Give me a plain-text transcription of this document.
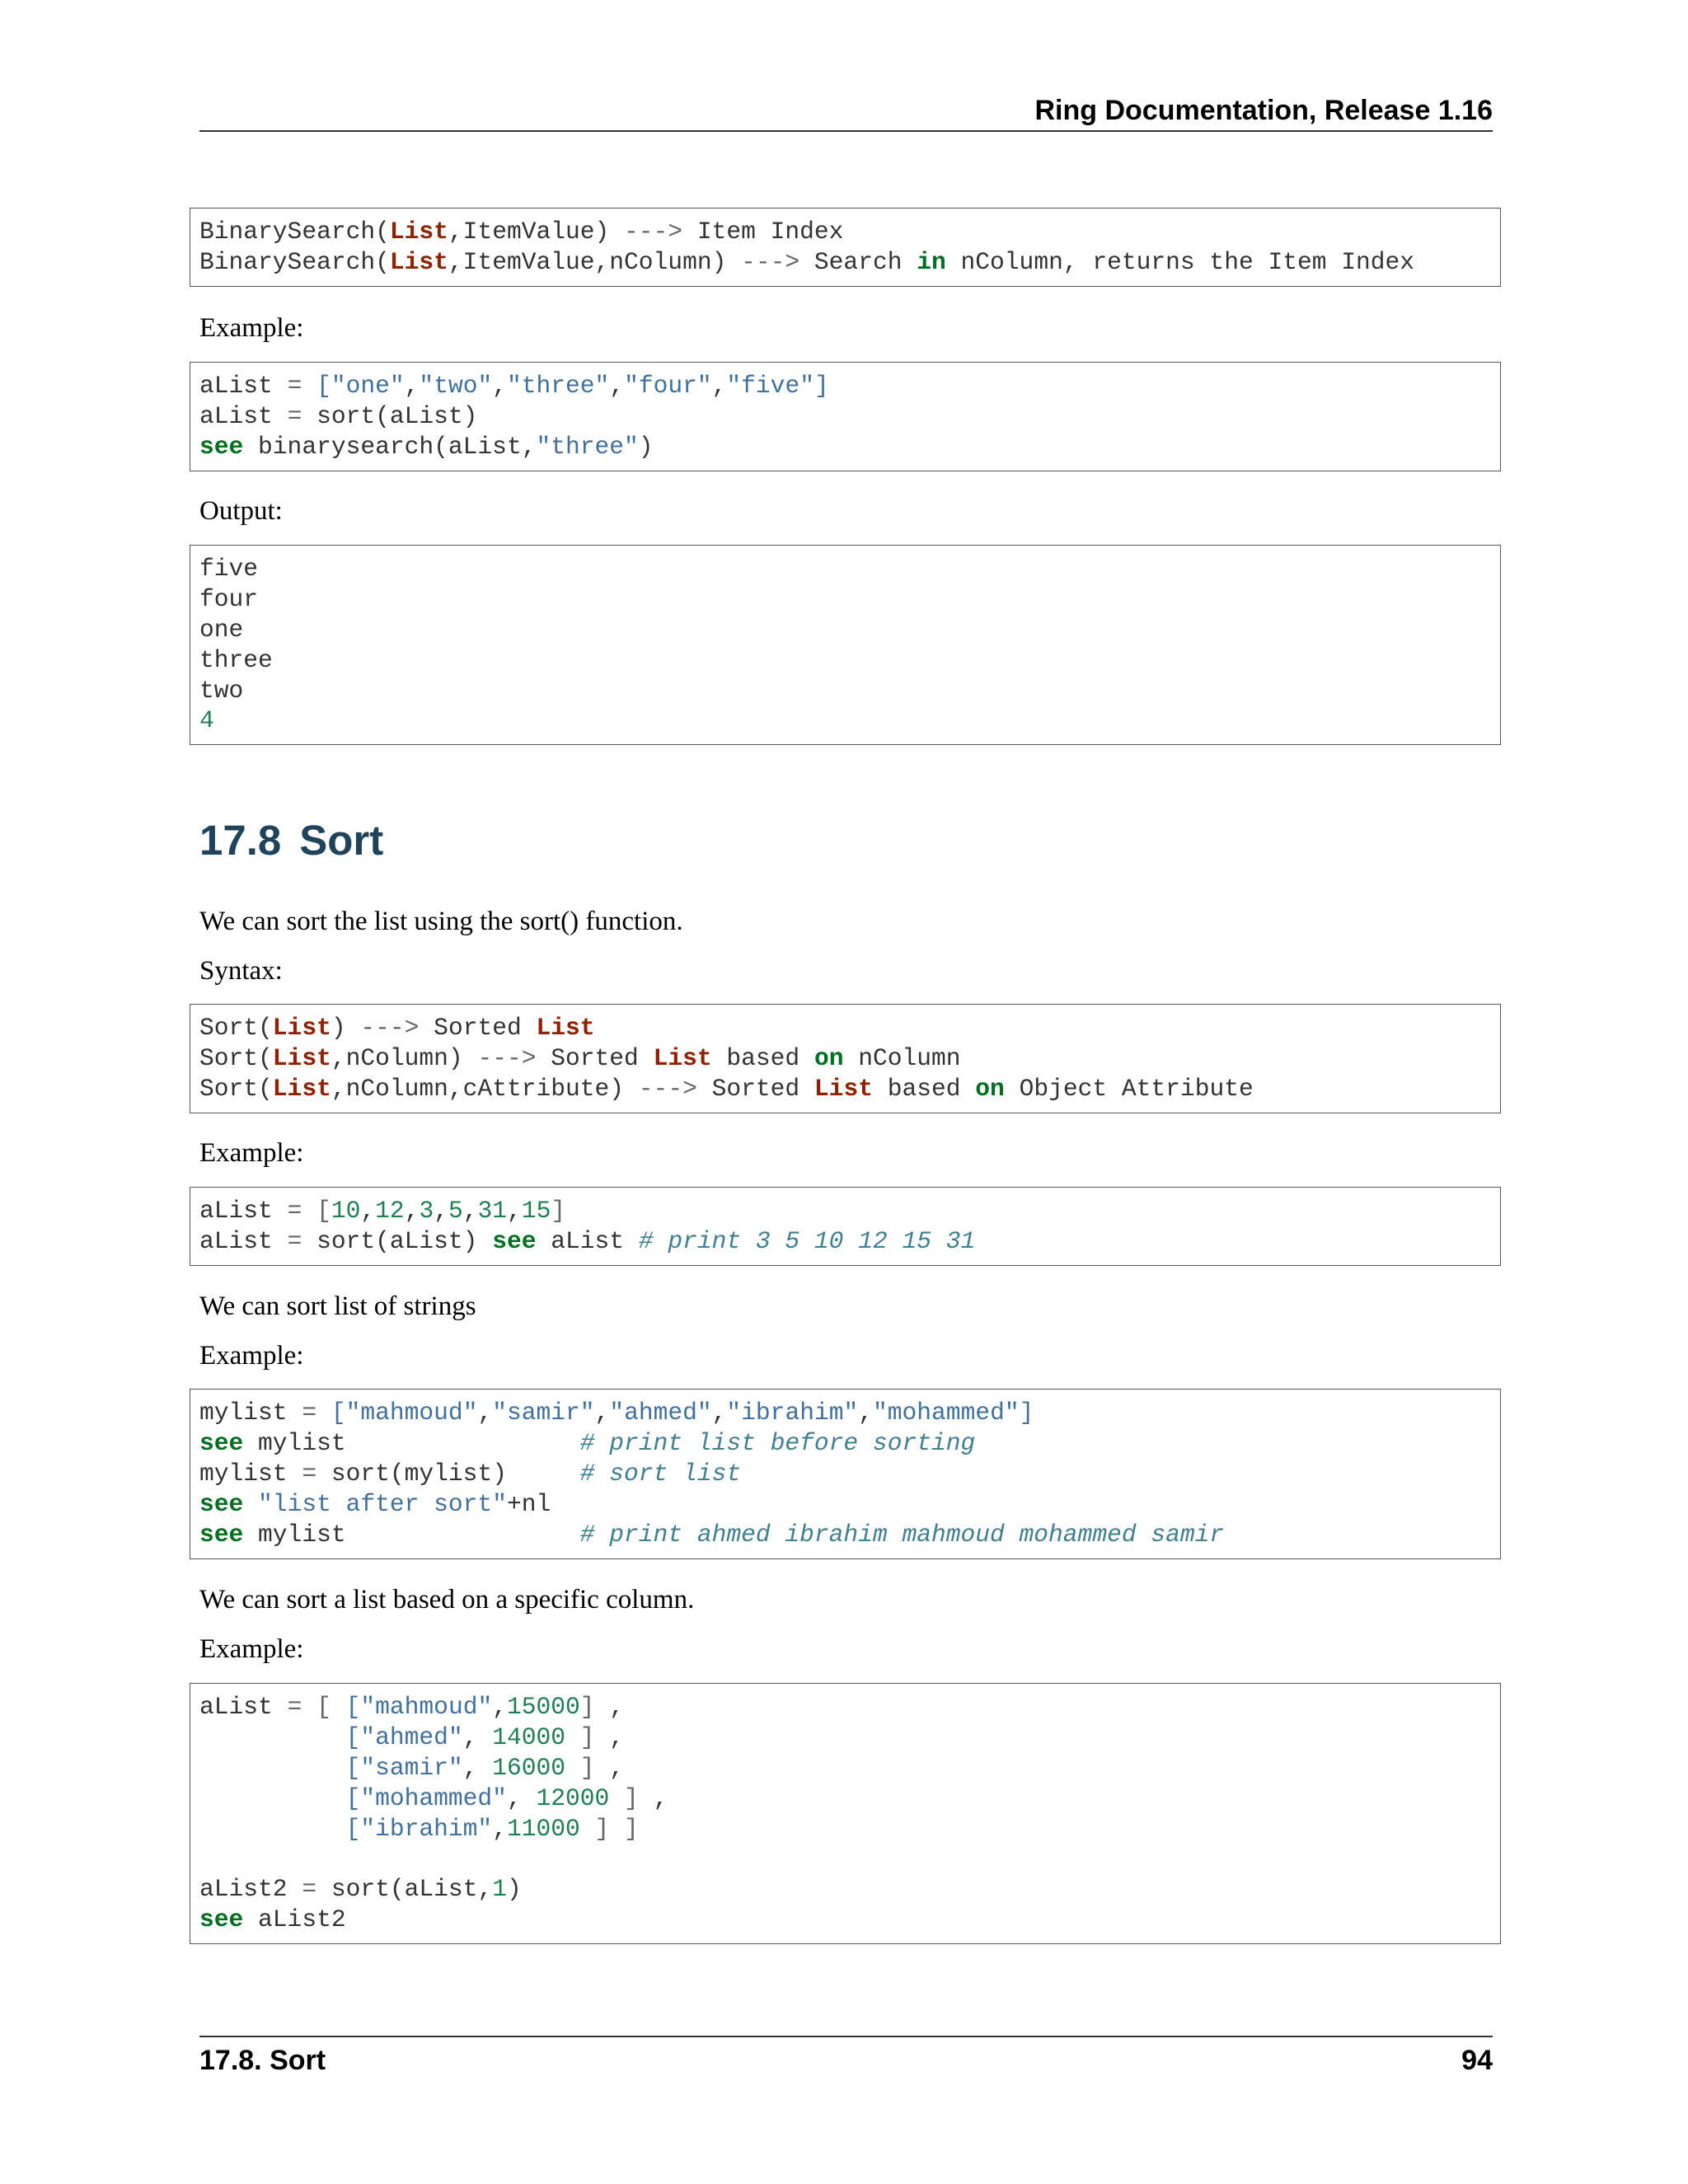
Ring Documentation, Release 1.16
BinarySearch(List,ItemValue) ---> Item Index
BinarySearch(List,ItemValue,nColumn) ---> Search in nColumn, returns the Item Index
Example:
aList = ["one","two","three","four","five"]
aList = sort(aList)
see binarysearch(aList,"three")
Output:
five
four
one
three
two
4
17.8 Sort
We can sort the list using the sort() function.
Syntax:
Sort(List) ---> Sorted List
Sort(List,nColumn) ---> Sorted List based on nColumn
Sort(List,nColumn,cAttribute) ---> Sorted List based on Object Attribute
Example:
aList = [10,12,3,5,31,15]
aList = sort(aList) see aList # print 3 5 10 12 15 31
We can sort list of strings
Example:
mylist = ["mahmoud","samir","ahmed","ibrahim","mohammed"]
see mylist                # print list before sorting
mylist = sort(mylist)     # sort list
see "list after sort"+nl
see mylist                # print ahmed ibrahim mahmoud mohammed samir
We can sort a list based on a specific column.
Example:
aList = [ ["mahmoud",15000] ,
["ahmed", 14000 ] ,
["samir", 16000 ] ,
["mohammed", 12000 ] ,
["ibrahim",11000 ] ]
aList2 = sort(aList,1)
see aList2
17.8. Sort	94
